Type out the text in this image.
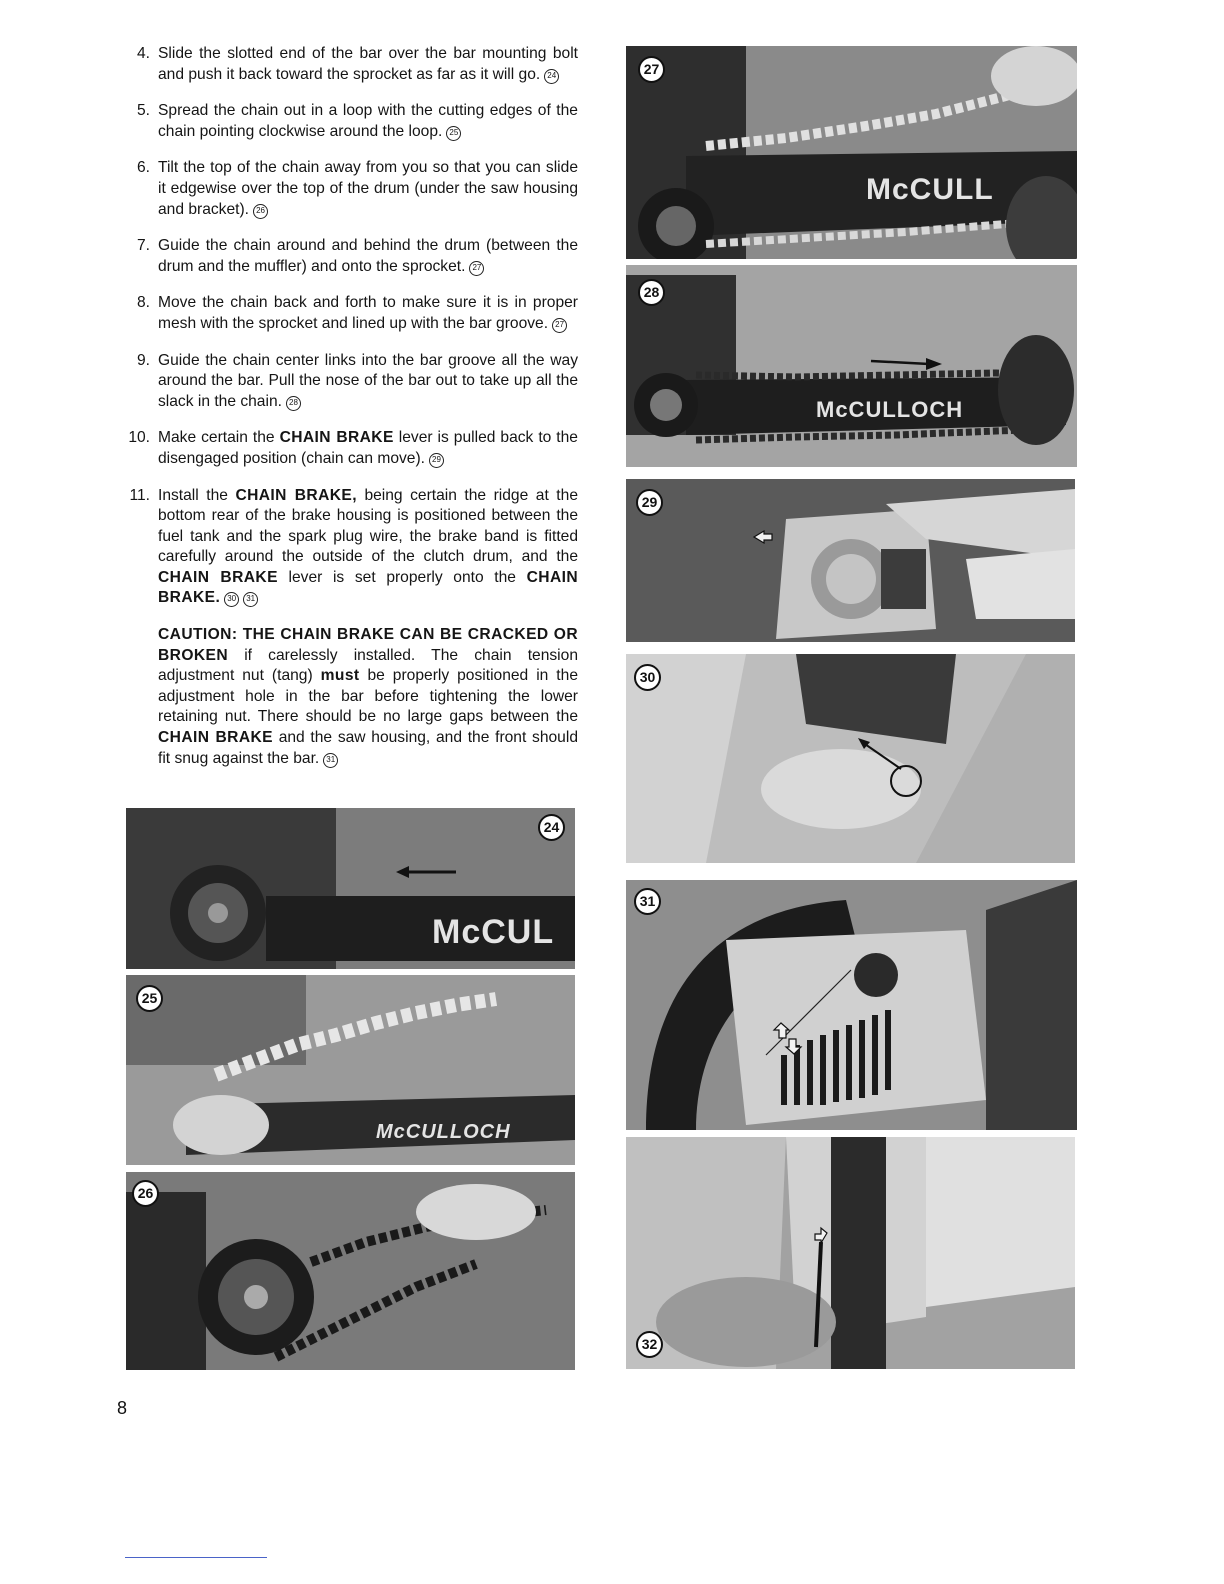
4. Slide the slotted end of the bar over the bar mounting bolt and push it back toward the sprocket as far as it will go. 24
5. Spread the chain out in a loop with the cutting edges of the chain pointing clockwise around the loop. 25
6. Tilt the top of the chain away from you so that you can slide it edgewise over the top of the drum (under the saw housing and bracket). 26
7. Guide the chain around and behind the drum (between the drum and the muffler) and onto the sprocket. 27
8. Move the chain back and forth to make sure it is in proper mesh with the sprocket and lined up with the bar groove. 27
9. Guide the chain center links into the bar groove all the way around the bar. Pull the nose of the bar out to take up all the slack in the chain. 28
10. Make certain the CHAIN BRAKE lever is pulled back to the disengaged position (chain can move). 29
11. Install the CHAIN BRAKE, being certain the ridge at the bottom rear of the brake housing is positioned between the fuel tank and the spark plug wire, the brake band is fitted carefully around the outside of the clutch drum, and the CHAIN BRAKE lever is set properly onto the CHAIN BRAKE. 30 31
CAUTION: THE CHAIN BRAKE CAN BE CRACKED OR BROKEN if carelessly installed. The chain tension adjustment nut (tang) must be properly positioned in the adjustment hole in the bar before tightening the lower retaining nut. There should be no large gaps between the CHAIN BRAKE and the saw housing, and the front should fit snug against the bar. 31
McCUL
24
McCULLOCH
25
26
McCULL
27
McCULLOCH
28
29
30
31
32
8
